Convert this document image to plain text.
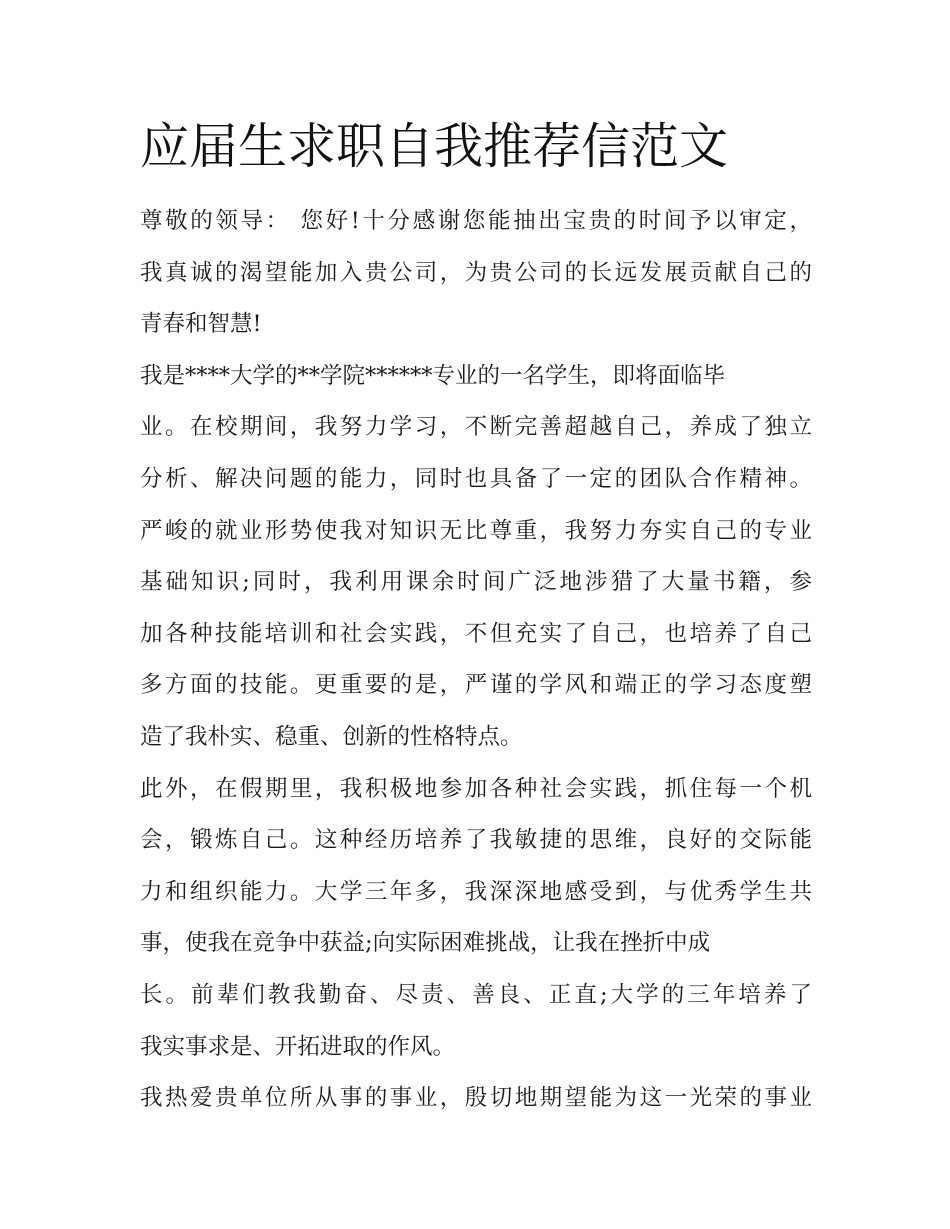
应届生求职自我推荐信范文
尊敬的领导： 您好!十分感谢您能抽出宝贵的时间予以审定，
我真诚的渴望能加入贵公司，为贵公司的长远发展贡献自己的
青春和智慧!
我是****大学的**学院******专业的一名学生，即将面临毕
业。在校期间，我努力学习，不断完善超越自己，养成了独立
分析、解决问题的能力，同时也具备了一定的团队合作精神。
严峻的就业形势使我对知识无比尊重，我努力夯实自己的专业
基础知识;同时，我利用课余时间广泛地涉猎了大量书籍，参
加各种技能培训和社会实践，不但充实了自己，也培养了自己
多方面的技能。更重要的是，严谨的学风和端正的学习态度塑
造了我朴实、稳重、创新的性格特点。
此外，在假期里，我积极地参加各种社会实践，抓住每一个机
会，锻炼自己。这种经历培养了我敏捷的思维，良好的交际能
力和组织能力。大学三年多，我深深地感受到，与优秀学生共
事，使我在竞争中获益;向实际困难挑战，让我在挫折中成
长。前辈们教我勤奋、尽责、善良、正直;大学的三年培养了
我实事求是、开拓进取的作风。
我热爱贵单位所从事的事业，殷切地期望能为这一光荣的事业
